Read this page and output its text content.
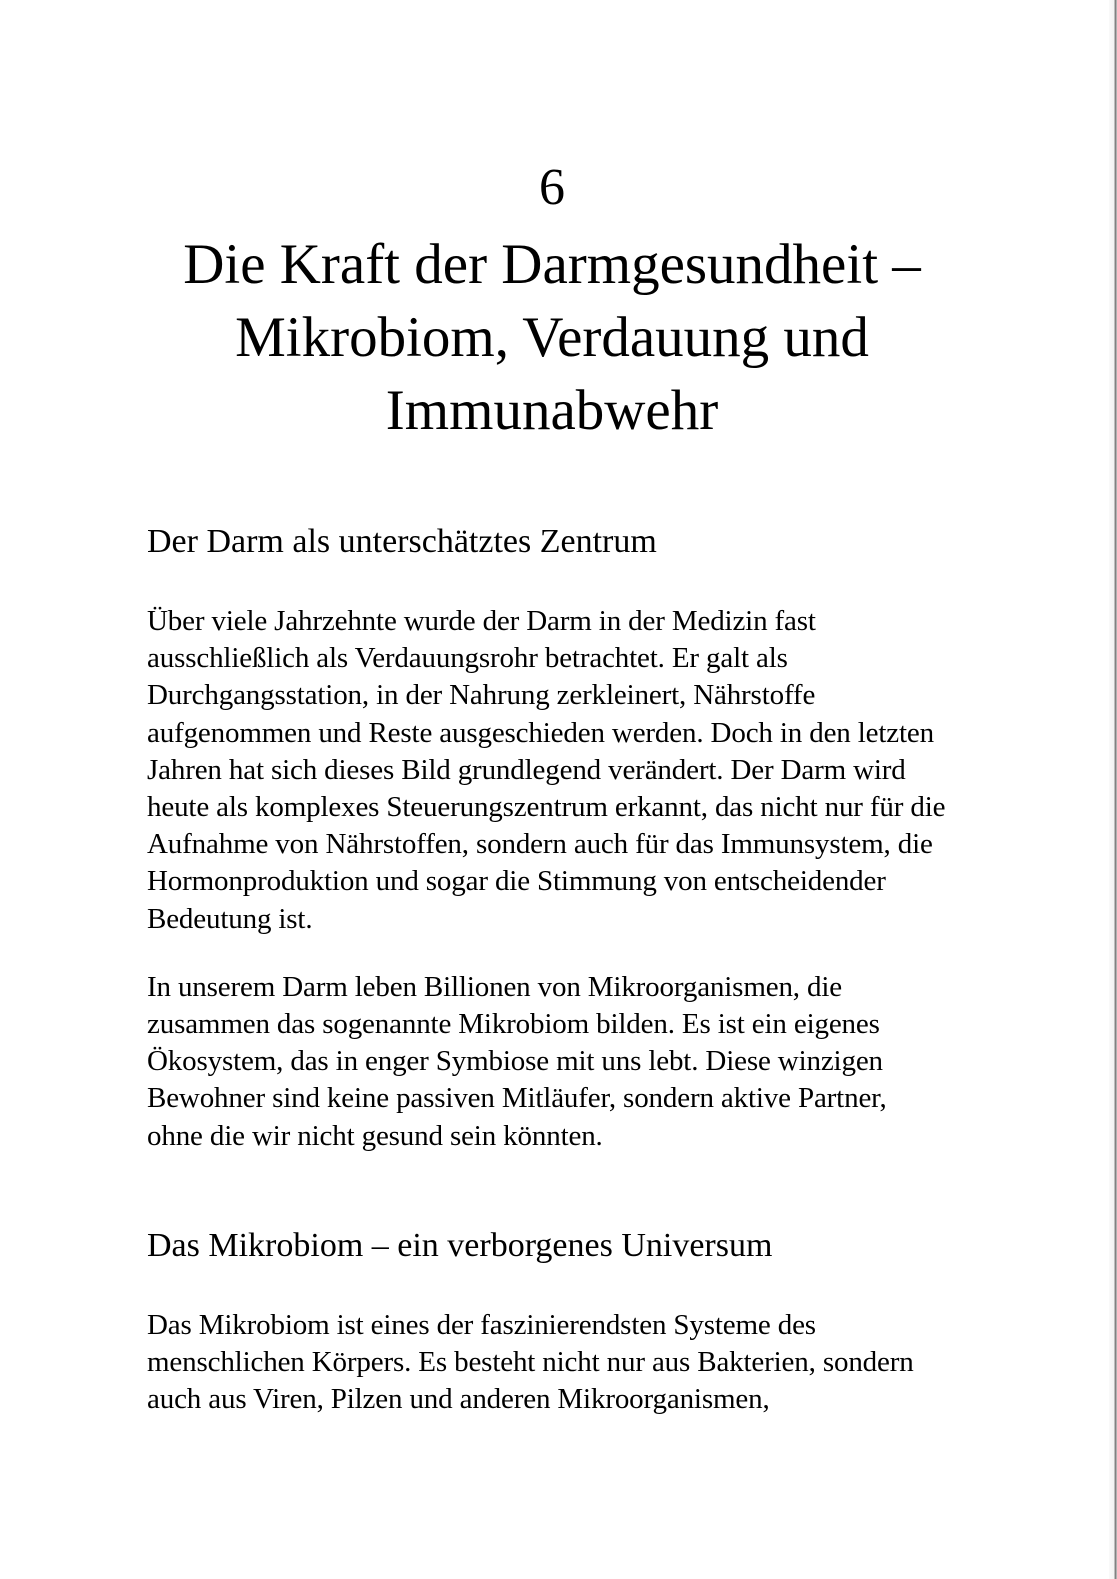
6
Die Kraft der Darmgesundheit –
Mikrobiom, Verdauung und
Immunabwehr
Der Darm als unterschätztes Zentrum

Über viele Jahrzehnte wurde der Darm in der Medizin fast ausschließlich als Verdauungsrohr betrachtet. Er galt als Durchgangsstation, in der Nahrung zerkleinert, Nährstoffe aufgenommen und Reste ausgeschieden werden. Doch in den letzten Jahren hat sich dieses Bild grundlegend verändert. Der Darm wird heute als komplexes Steuerungszentrum erkannt, das nicht nur für die Aufnahme von Nährstoffen, sondern auch für das Immunsystem, die Hormonproduktion und sogar die Stimmung von entscheidender Bedeutung ist.

In unserem Darm leben Billionen von Mikroorganismen, die zusammen das sogenannte Mikrobiom bilden. Es ist ein eigenes Ökosystem, das in enger Symbiose mit uns lebt. Diese winzigen Bewohner sind keine passiven Mitläufer, sondern aktive Partner, ohne die wir nicht gesund sein könnten.

Das Mikrobiom – ein verborgenes Universum

Das Mikrobiom ist eines der faszinierendsten Systeme des menschlichen Körpers. Es besteht nicht nur aus Bakterien, sondern auch aus Viren, Pilzen und anderen Mikroorganismen,
